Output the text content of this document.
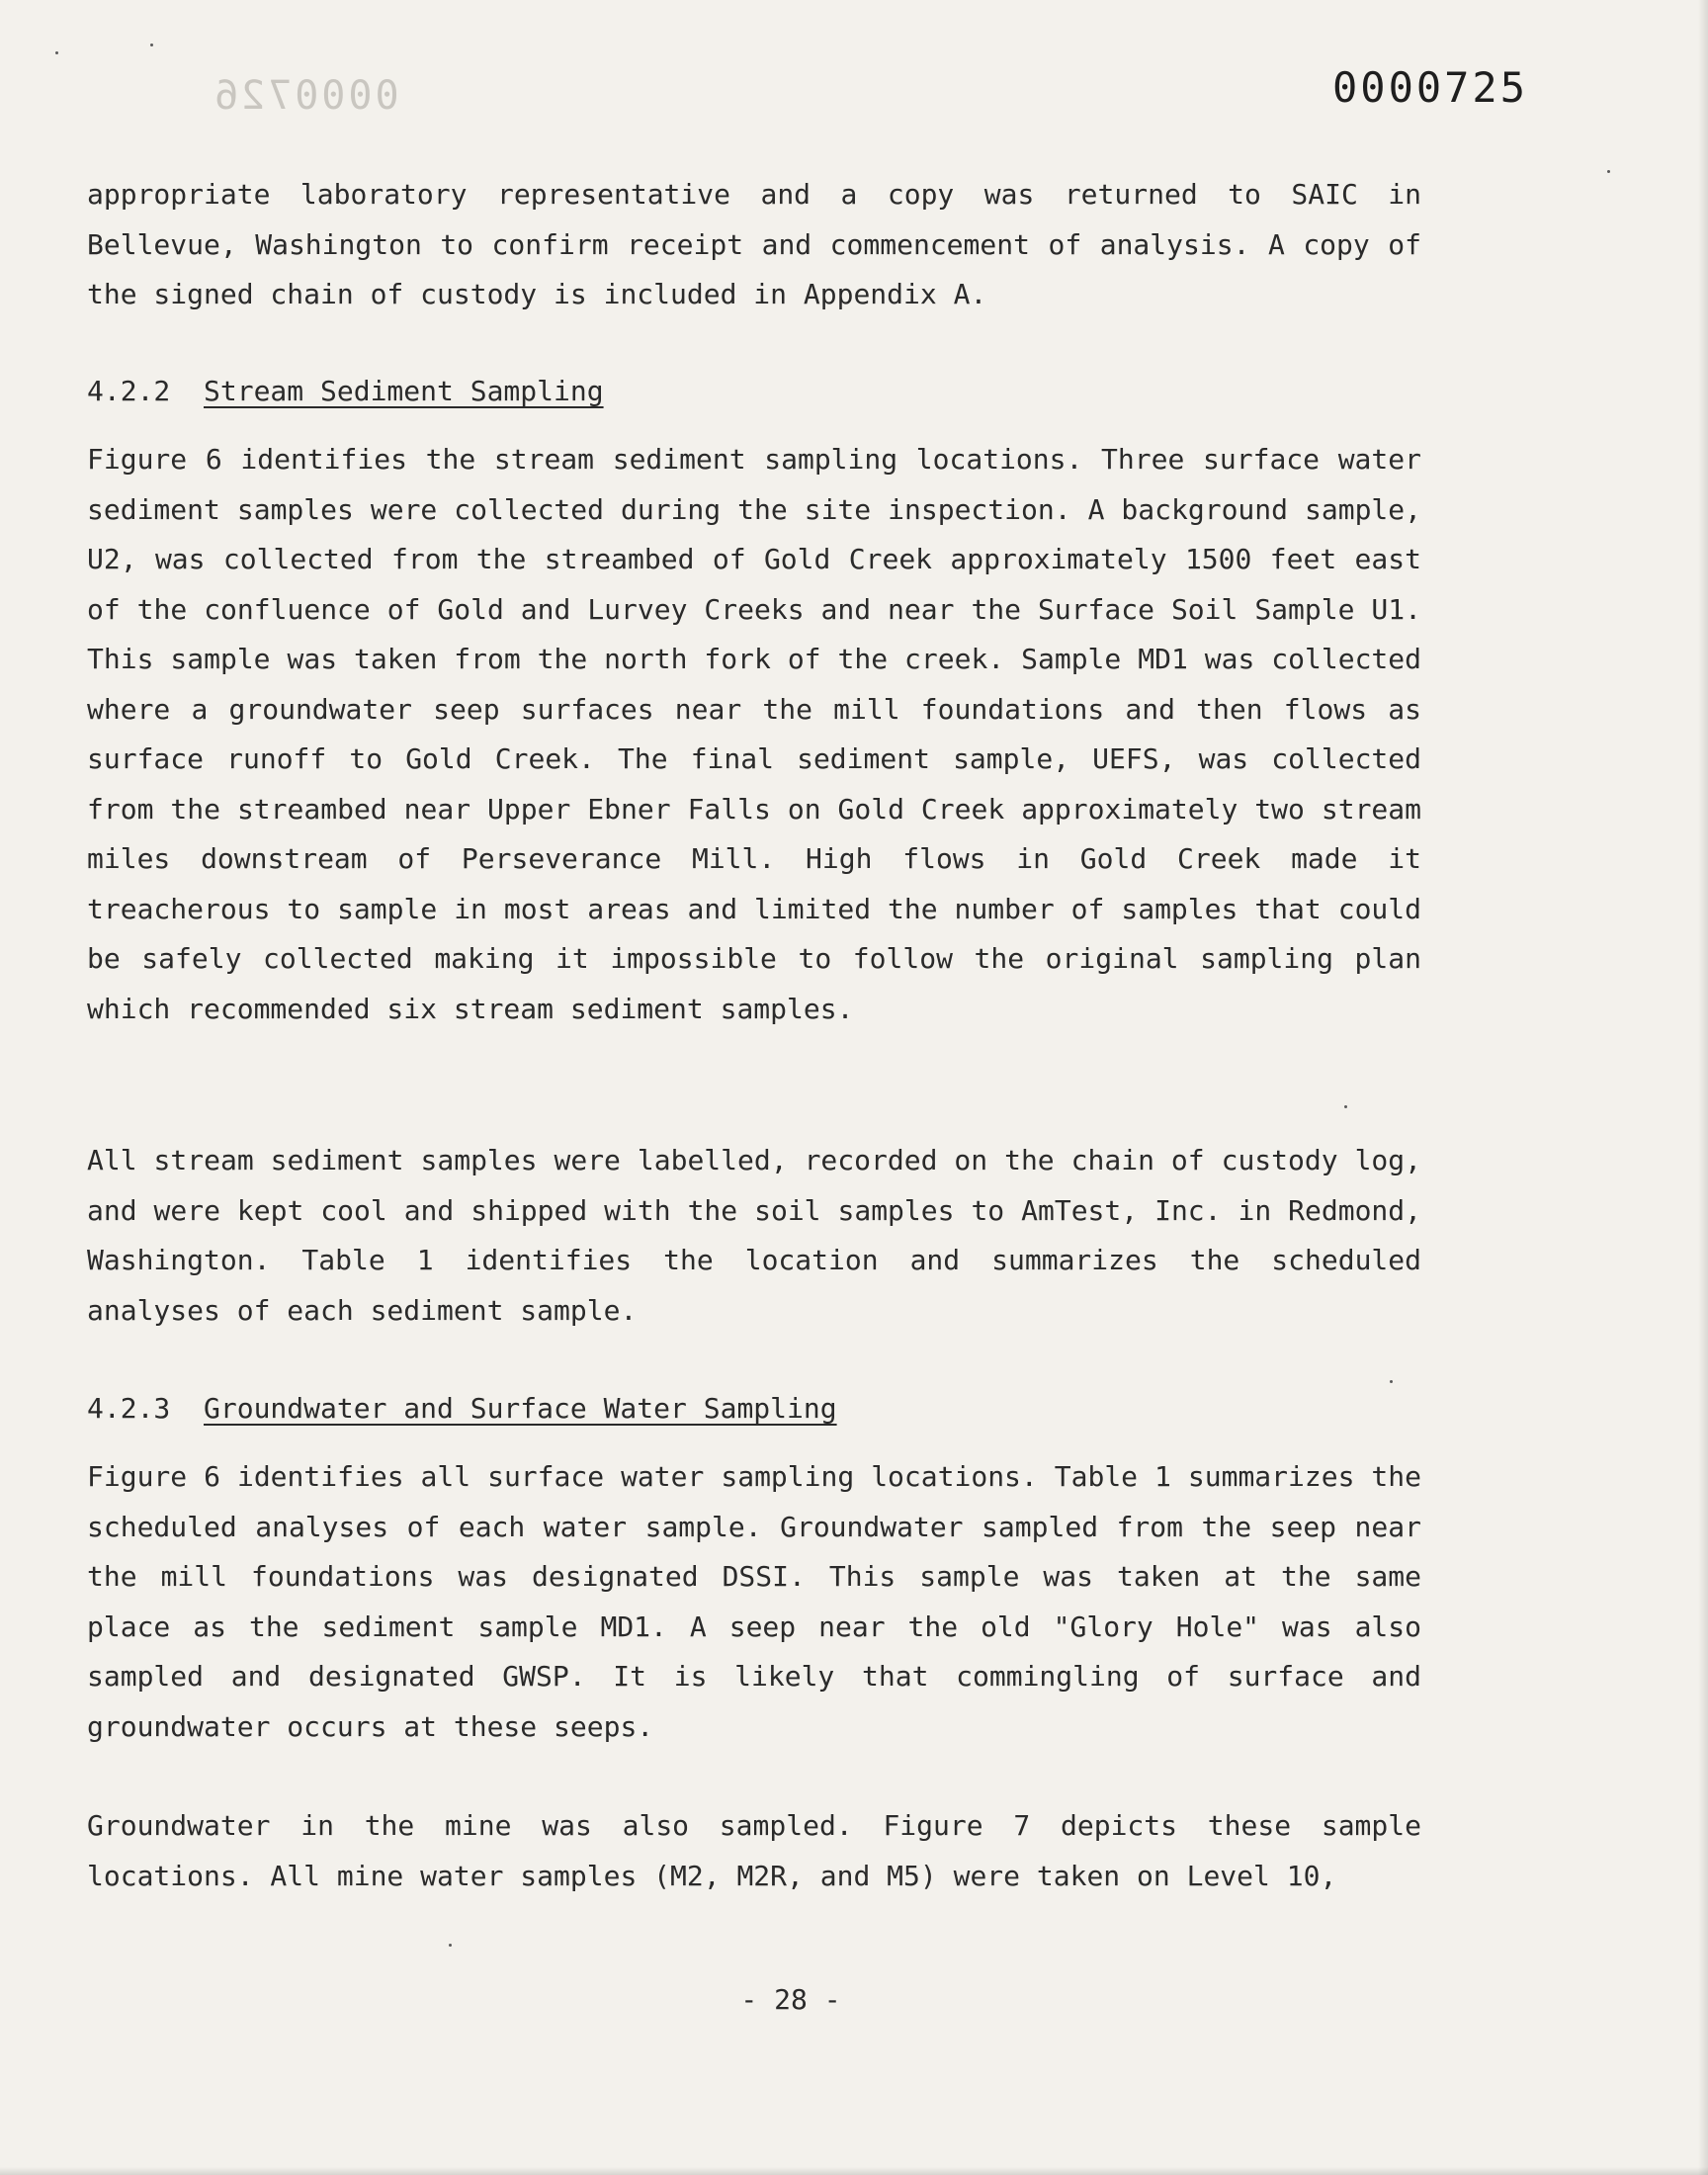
0000726	0000725

appropriate laboratory representative and a copy was returned to SAIC in Bellevue, Washington to confirm receipt and commencement of analysis. A copy of the signed chain of custody is included in Appendix A.

4.2.2 Stream Sediment Sampling

Figure 6 identifies the stream sediment sampling locations. Three surface water sediment samples were collected during the site inspection. A background sample, U2, was collected from the streambed of Gold Creek approximately 1500 feet east of the confluence of Gold and Lurvey Creeks and near the Surface Soil Sample U1. This sample was taken from the north fork of the creek. Sample MD1 was collected where a groundwater seep surfaces near the mill foundations and then flows as surface runoff to Gold Creek. The final sediment sample, UEFS, was collected from the streambed near Upper Ebner Falls on Gold Creek approximately two stream miles downstream of Perseverance Mill. High flows in Gold Creek made it treacherous to sample in most areas and limited the number of samples that could be safely collected making it impossible to follow the original sampling plan which recommended six stream sediment samples.

All stream sediment samples were labelled, recorded on the chain of custody log, and were kept cool and shipped with the soil samples to AmTest, Inc. in Redmond, Washington. Table 1 identifies the location and summarizes the scheduled analyses of each sediment sample.

4.2.3 Groundwater and Surface Water Sampling

Figure 6 identifies all surface water sampling locations. Table 1 summarizes the scheduled analyses of each water sample. Groundwater sampled from the seep near the mill foundations was designated DSSI. This sample was taken at the same place as the sediment sample MD1. A seep near the old "Glory Hole" was also sampled and designated GWSP. It is likely that commingling of surface and groundwater occurs at these seeps.

Groundwater in the mine was also sampled. Figure 7 depicts these sample locations. All mine water samples (M2, M2R, and M5) were taken on Level 10,

- 28 -
